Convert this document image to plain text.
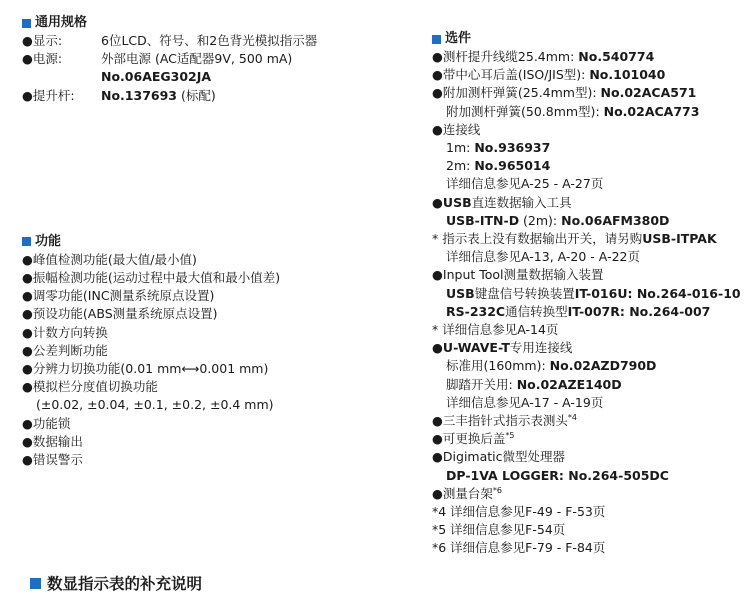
通用规格
●显示:	6位LCD、符号、和2色背光模拟指示器
●电源:	外部电源 (AC适配器9V, 500 mA)
No.06AEG302JA
●提升杆: No.137693 (标配)
功能
●峰值检测功能(最大值/最小值)
●振幅检测功能(运动过程中最大值和最小值差)
●调零功能(INC测量系统原点设置)
●预设功能(ABS测量系统原点设置)
●计数方向转换
●公差判断功能
●分辨力切换功能(0.01 mm⟷0.001 mm)
●模拟栏分度值切换功能
(±0.02, ±0.04, ±0.1, ±0.2, ±0.4 mm)
●功能锁
●数据输出
●错误警示
选件
●测杆提升线缆25.4mm: No.540774
●带中心耳后盖(ISO/JIS型): No.101040
●附加测杆弹簧(25.4mm型): No.02ACA571
附加测杆弹簧(50.8mm型): No.02ACA773
●连接线
1m: No.936937
2m: No.965014
详细信息参见A-25 - A-27页
●USB直连数据输入工具
USB-ITN-D (2m): No.06AFM380D
* 指示表上没有数据输出开关，请另购USB-ITPAK
详细信息参见A-13, A-20 - A-22页
●Input Tool测量数据输入装置
USB键盘信号转换装置IT-016U: No.264-016-10
RS-232C通信转换型IT-007R: No.264-007
* 详细信息参见A-14页
●U-WAVE-T专用连接线
标准用(160mm): No.02AZD790D
脚踏开关用: No.02AZE140D
详细信息参见A-17 - A-19页
●三丰指针式指示表测头$^{*4}$
●可更换后盖$^{*5}$
●Digimatic微型处理器
DP-1VA LOGGER: No.264-505DC
●测量台架$^{*6}$
*4 详细信息参见F-49 - F-53页
*5 详细信息参见F-54页
*6 详细信息参见F-79 - F-84页
数显指示表的补充说明
